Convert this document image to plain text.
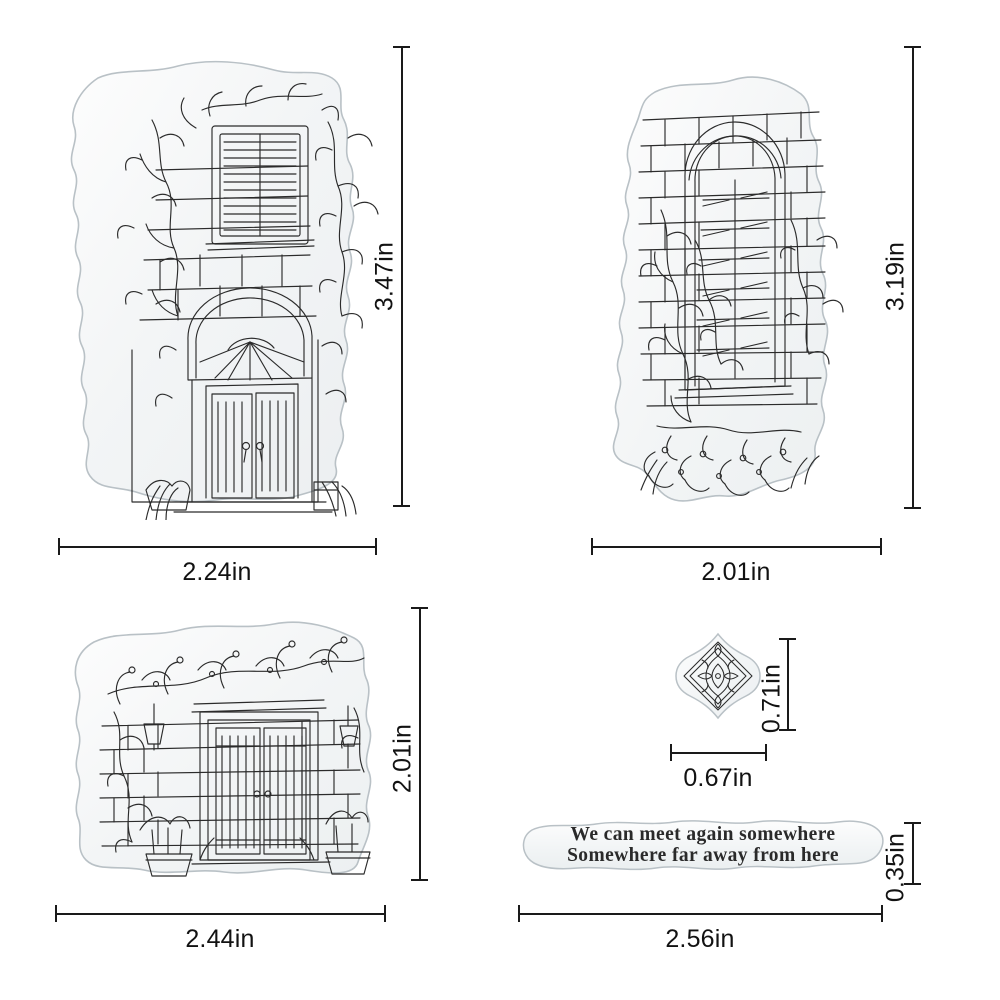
3.47in
2.24in
3.19in
2.01in
2.01in
2.44in
0.71in
0.67in
We can meet again somewhere
Somewhere far away from here 0.35in
2.56in
